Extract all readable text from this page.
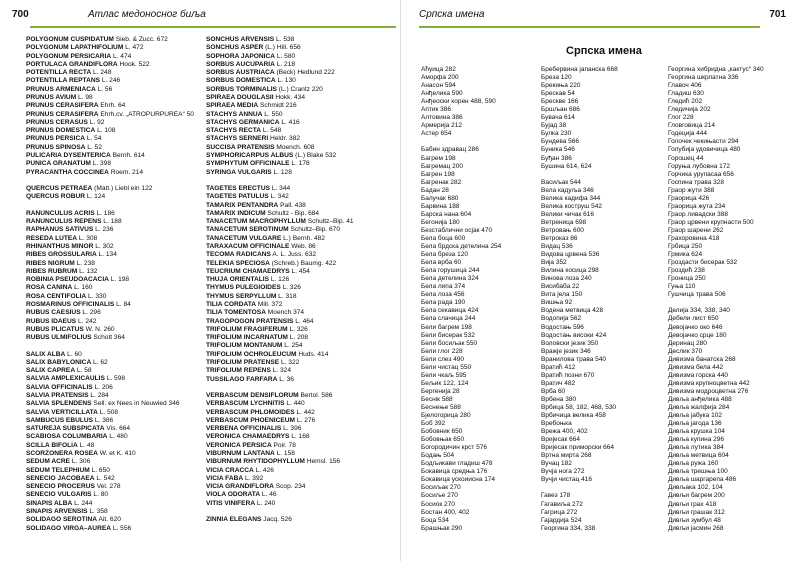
700	Атлас медоносног биља
POLYGONUM CUSPIDATUM Sieb. & Zucc. 672
POLYGONUM LAPATHIFOLIUM L. 472
POLYGONUM PERSICARIA L. 474
PORTULACA GRANDIFLORA Hook. 522
POTENTILLA RECTA L. 248
POTENTILLA REPTANS L. 246
PRUNUS ARMENIACA L. 56
PRUNUS AVIUM L. 98
PRUNUS CERASIFERA Ehrh. 64
PRUNUS CERASIFERA Ehrh.cv. „ATROPURPUREA“ 50
PRUNUS CERASUS L. 92
PRUNUS DOMESTICA L. 108
PRUNUS PERSICA L. 54
PRUNUS SPINOSA L. 52
PULICARIA DYSENTERICA Bernh. 614
PUNICA GRANATUM L. 398
PYRACANTHA COCCINEA Roem. 214
QUERCUS PETRAEA (Matt.) Liebl ein 122
QUERCUS ROBUR L. 124
RANUNCULUS ACRIS L. 186
RANUNCULUS REPENS L. 188
RAPHANUS SATIVUS L. 236
RESEDA LUTEA L. 308
RHINANTHUS MINOR L. 302
RIBES GROSSULARIA L. 134
RIBES NIGRUM L. 238
RIBES RUBRUM L. 132
ROBINIA PSEUDOACACIA L. 198
ROSA CANINA L. 160
ROSA CENTIFOLIA L. 330
ROSMARINUS OFFICINALIS L. 84
RUBUS CAESIUS L. 296
RUBUS IDAEUS L. 242
RUBUS PLICATUS W. N. 260
RUBUS ULMIFOLIUS Schott 364
SALIX ALBA L. 60
SALIX BABYLONICA L. 62
SALIX CAPREA L. 58
SALVIA AMPLEXICAULIS L. 598
SALVIA OFFICINALIS L. 206
SALVIA PRATENSIS L. 284
SALVIA SPLENDENS Sell. ex Nees in Neuwied 346
SALVIA VERTICILLATA L. 508
SAMBUCUS EBULUS L. 386
SATUREJA SUBSPICATA Vis. 664
SCABIOSA COLUMBARIA L. 480
SCILLA BIFOLIA L. 48
SCORZONERA ROSEA W. et K. 410
SEDUM ACRE L. 306
SEDUM TELEPHIUM L. 650
SENECIO JACOBAEA L. 542
SENECIO PROCERUS Vel. 278
SENECIO VULGARIS L. 80
SINAPIS ALBA L. 244
SINAPIS ARVENSIS L. 358
SOLIDAGO SEROTINA Ait. 620
SOLIDAGO VIRGA–AUREA L. 556
SONCHUS ARVENSIS L. 538
SONCHUS ASPER (L.) Hill. 656
SOPHORA JAPONICA L. 580
SORBUS AUCUPARIA L. 218
SORBUS AUSTRIACA (Beck) Hedlund 222
SORBUS DOMESTICA L. 130
SORBUS TORMINALIS (L.) Crantz 220
SPIRAEA DOUGLASII Hokk. 434
SPIRAEA MEDIA Schmidt 216
STACHYS ANNUA L. 550
STACHYS GERMANICA L. 416
STACHYS RECTA L. 548
STACHYS SERNERI Heldr. 382
SUCCISA PRATENSIS Moench. 608
SYMPHORICARPUS ALBUS (L.) Blake 532
SYMPHYTUM OFFICINALE L. 178
SYRINGA VULGARIS L. 128
TAGETES ERECTUS L. 344
TAGETES PATULUS L. 342
TAMARIX PENTANDRA Pall. 438
TAMARIX INDICUM Schultz - Bip. 684
TANACETUM MACROPHYLLUM Schultz–Bip. 41
TANACETUM SEROTINUM Schultz–Bip. 670
TANACETUM VULGARE L.) Bernh. 482
TARAXACUM OFFICINALE Web. 86
TECOMA RADICANS A. L. Juss. 632
TELEKIA SPECIOSA (Schreb.) Baumg. 422
TEUCRIUM CHAMAEDRYS L. 454
THUJA ORIENTALIS L. 126
THYMUS PULEGIOIDES L. 326
THYMUS SERPYLLUM L. 318
TILIA CORDATA Mill. 372
TILIA TOMENTOSA Moench 374
TRAGOPOGON PRATENSIS L. 464
TRIFOLIUM FRAGIFERUM L. 326
TRIFOLIUM INCARNATUM L. 208
TRIFOLIUM MONTANUM L. 254
TRIFOLIUM OCHROLEUCUM Huds. 414
TRIFOLIUM PRATENSE L. 322
TRIFOLIUM REPENS L. 324
TUSSILAGO FARFARA L. 36
VERBASCUM DENSIFLORUM Bertol. 586
VERBASCUM LYCHNITIS L. 440
VERBASCUM PHLOMOIDES L. 442
VERBASCUM PHOENICEUM L. 276
VERBENA OFFICINALIS L. 396
VERONICA CHAMAEDRYS L. 168
VERONICA PERSICA Poir. 78
VIBURNUM LANTANA L. 158
VIBURNUM RHYTIDOPHYLLUM Hemsl. 156
VICIA CRACCA L. 426
VICIA FABA L. 392
VICIA GRANDIFLORA Scop. 234
VIOLA ODORATA L. 46
VITIS VINIFERA L. 240
ZINNIA ELEGANS Jacq. 526
Српска имена	701
Српска имена
Аћуица 282
Аморфа 200
Анасон 594
Анђелика 590
Анђеоски корен 488, 590
Аптик 386
Алтовина 386
Армерија 212
Астер 654
Бабин здравац 286
Багрем 198
Багремац 200
Багрен 198
Багренак 282
Бадан 28
Балучак 680
Барвина 188
Барска нана 604
Бегонија 180
Безстаблични осјак 470
Бела боца 600
Бела брдска детелина 254
Бела бреза 120
Бела врба 60
Бела горушица 244
Бела детелина 324
Бела липа 374
Бела лоза 456
Бела рада 190
Бела секавица 424
Бела слачица 244
Бели багрем 198
Бели бисерак 532
Бели босиљак 550
Бели глог 228
Бели слез 490
Бели чистац 550
Бели чкаљ 595
Бељик 122, 124
Бергенија 28
Беснік 588
Беснење 588
Бјелогорица 280
Боб 392
Бобовник 650
Бобовњак 650
Богородичин крст 576
Бодањ 504
Бодљикави гладиш 478
Бокавица средња 176
Бокавица ускоиисна 174
Босиљак 270
Босиље 270
Босиок 270
Бостан 400, 402
Боца 534
Брашњак 290
Бребервина јапанска 668
Бреза 120
Брекиња 220
Брескав 54
Брескве 166
Бршљан 686
Бувача 614
Бујад 38
Булка 230
Бундева 566
Буника 546
Буђан 386
Бушина 614, 624
Васиљак 544
Вела кадуља 346
Велика кадифа 344
Велика коструш 542
Велики чичак 616
Ветреница 698
Ветровањ 600
Ветроказ 86
Видац 536
Видова црвена 536
Вија 352
Вилина косица 298
Винова лоза 240
Висибаба 22
Вита јела 150
Вишња 92
Водена метвица 428
Водопија 562
Водостањ 596
Водостањ високи 424
Воловски језик 350
Вражје језик 346
Враниловa трава 540
Вратић 412
Вратић позни 670
Вратич 482
Врба 60
Врбена 380
Врбица 58, 182, 468, 530
Врбичица велика 458
Вребоњка
Врежа 400, 402
Вријесак 664
Вријесак приморски 664
Вртна мирта 268
Вучац 182
Вучја нога 272
Вучји чистац 416
Гавез 178
Гагавиља 272
Гагрица 272
Гајардија 524
Георгина 334, 338
Георгина хибридна „кактус“ 340
Георгина шкрлатна 336
Главоч 406
Гладиш 630
Гледић 202
Гледичија 202
Глог 228
Гловговица 214
Годеција 444
Голочек чекињасти 294
Голубија удовичица 480
Горошец 44
Горуња лубовна 172
Горчика урупасаа 656
Госпина трава 328
Граор жути 388
Граорица 426
Граорица жута 234
Граор ливадски 388
Граор црвени крупнасти 500
Граор шарени 262
Грахоровина 418
Грбица 250
Грмика 624
Гроздасти бисерак 532
Гроздић 238
Гроница 250
Гуња 110
Гушчица трава 506
Делија 334, 338, 340
Дебели лист 650
Девојачко око 646
Девојачко срце 180
Деринац 280
Деслик 370
Дивизма банатска 268
Дивизма бела 442
Дивизма горска 440
Дивизма крупноцветна 442
Дивизма модроцветна 276
Дивља анђелика 488
Дивља жалфија 284
Дивља јабука 102
Дивља јагода 136
Дивља крушка 104
Дивља купина 296
Дивља лутика 384
Дивља метвица 604
Дивља ружа 160
Дивља трешња 100
Дивља шаргарепа 486
Дивљака 102, 104
Дивљи багрем 200
Дивљи грах 418
Дивљи грашак 312
Дивљи зумбул 48
Дивљи јасмин 268
